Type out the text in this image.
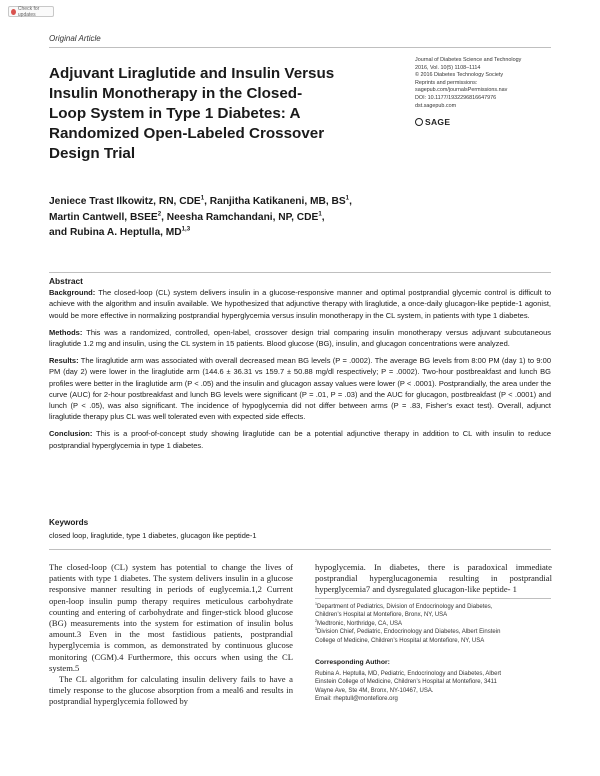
Check for updates
Original Article
Adjuvant Liraglutide and Insulin Versus
Insulin Monotherapy in the Closed-
Loop System in Type 1 Diabetes: A
Randomized Open-Labeled Crossover
Design Trial
Journal of Diabetes Science and Technology
2016, Vol. 10(5) 1108–1114
© 2016 Diabetes Technology Society
Reprints and permissions:
sagepub.com/journalsPermissions.nav
DOI: 10.1177/1932296816647976
dst.sagepub.com
SAGE
Jeniece Trast Ilkowitz, RN, CDE$^1$, Ranjitha Katikaneni, MB, $BS^1$,
Martin Cantwell, BSEE$^2$, Neesha Ramchandani, NP, CDE$^1$,
and Rubina A. Heptulla, MD$^{1,3}$
Abstract

Background: The closed-loop (CL) system delivers insulin in a glucose-responsive manner and optimal postprandial glycemic control is difficult to achieve with the algorithm and insulin available. We hypothesized that adjunctive therapy with liraglutide, a once-daily glucagon-like peptide-1 agonist, would be more effective in normalizing postprandial hyperglycemia versus insulin monotherapy in the CL system, in patients with type 1 diabetes.

Methods: This was a randomized, controlled, open-label, crossover design trial comparing insulin monotherapy versus adjuvant subcutaneous liraglutide 1.2 mg and insulin, using the CL system in 15 patients. Blood glucose (BG), insulin, and glucagon concentrations were analyzed.

Results: The liraglutide arm was associated with overall decreased mean BG levels (P = .0002). The average BG levels from 8:00 PM (day 1) to 9:00 PM (day 2) were lower in the liraglutide arm (144.6 ± 36.31 vs 159.7 ± 50.88 mg/dl respectively; P = .0002). Two-hour postbreakfast and lunch BG profiles were better in the liraglutide arm (P < .05) and the insulin and glucagon assay values were lower (P < .0001). Postprandially, the area under the curve (AUC) for 2-hour postbreakfast and lunch BG levels were significant (P = .01, P = .03) and the AUC for glucagon, postbreakfast (P < .0001) and lunch (P < .05), was also significant. The incidence of hypoglycemia did not differ between arms (P = .83, Fisher’s exact test). Overall, adjunct liraglutide therapy plus CL was well tolerated even with expected side effects.

Conclusion: This is a proof-of-concept study showing liraglutide can be a potential adjunctive therapy in addition to CL with insulin to reduce postprandial hyperglycemia in type 1 diabetes.

Keywords
closed loop, liraglutide, type 1 diabetes, glucagon like peptide-1

The closed-loop (CL) system has potential to change the lives of patients with type 1 diabetes. The system delivers insulin in a glucose responsive manner resulting in periods of euglycemia.1,2 Current open-loop insulin pump therapy requires meticulous carbohydrate counting and entering of carbohydrate and finger-stick blood glucose (BG) measurements into the system for estimation of insulin bolus amount.3 Even in the most fastidious patients, postprandial hyperglycemia is common, as demonstrated by continuous glucose monitoring (CGM).4 Furthermore, this occurs when using the CL system.5

The CL algorithm for calculating insulin delivery fails to have a timely response to the glucose absorption from a meal6 and results in postprandial hyperglycemia followed by

hypoglycemia. In diabetes, there is paradoxical immediate postprandial hyperglucagonemia resulting in postprandial hyperglycemia7 and dysregulated glucagon-like peptide- 1
$^1$Department of Pediatrics, Division of Endocrinology and Diabetes,
Children’s Hospital at Montefiore, Bronx, NY, USA
$^2$Medtronic, Northridge, CA, USA
$^3$Division Chief, Pediatric, Endocrinology and Diabetes, Albert Einstein
College of Medicine, Children’s Hospital at Montefiore, NY, USA
Corresponding Author:
Rubina A. Heptulla, MD, Pediatric, Endocrinology and Diabetes, Albert
Einstein College of Medicine, Children’s Hospital at Montefiore, 3411
Wayne Ave, Ste 4M, Bronx, NY-10467, USA.
Email: rheptull@montefiore.org
